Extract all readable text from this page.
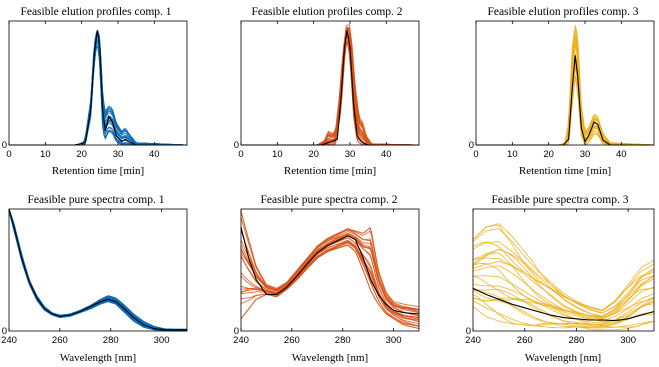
Feasible elution profiles comp. 1
0	10	20	30	40
0
Retention time [min]
Feasible elution profiles comp. 2
0	10	20	30	40
0
Retention time [min]
Feasible elution profiles comp. 3
0	10	20	30	40
0
Retention time [min]
Feasible pure spectra comp. 1
240	260	280	300
0
Wavelength [nm]
Feasible pure spectra comp. 2
240	260	280	300
0
Wavelength [nm]
Feasible pure spectra comp. 3
240	260	280	300
0
Wavelength [nm]
